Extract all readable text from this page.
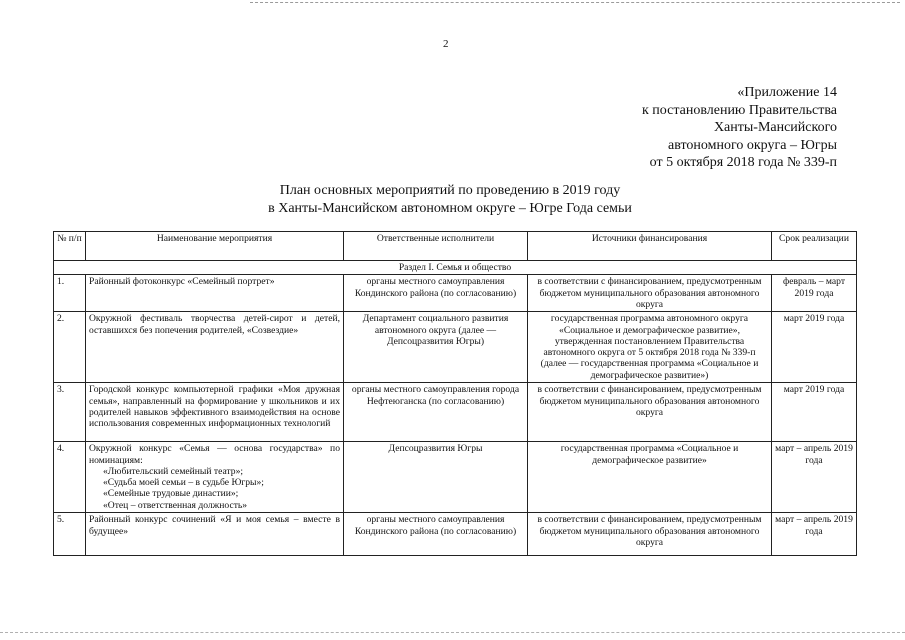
2
«Приложение 14
к постановлению Правительства
Ханты-Мансийского
автономного округа – Югры
от 5 октября 2018 года № 339-п
План основных мероприятий по проведению в 2019 году
в Ханты-Мансийском автономном округе – Югре Года семьи
№ п/п	Наименование мероприятия	Ответственные исполнители	Источники финансирования	Срок реализации
Раздел I. Семья и общество				
1.	Районный фотоконкурс «Семейный портрет»	органы местного самоуправления Кондинского района (по согласованию)	в соответствии с финансированием, предусмотренным бюджетом муниципального образования автономного округа	февраль – март 2019 года
2.	Окружной фестиваль творчества детей-сирот и детей, оставшихся без попечения родителей, «Созвездие»	Департамент социального развития автономного округа (далее — Депсоцразвития Югры)	государственная программа автономного округа «Социальное и демографическое развитие», утвержденная постановлением Правительства автономного округа от 5 октября 2018 года № 339-п (далее — государственная программа «Социальное и демографическое развитие»)	март 2019 года
3.	Городской конкурс компьютерной графики «Моя дружная семья», направленный на формирование у школьников и их родителей навыков эффективного взаимодействия на основе использования современных информационных технологий	органы местного самоуправления города Нефтеюганска (по согласованию)	в соответствии с финансированием, предусмотренным бюджетом муниципального образования автономного округа	март 2019 года
4.	Окружной конкурс «Семья — основа государства» по номинациям:
«Любительский семейный театр»;
«Судьба моей семьи – в судьбе Югры»;
«Семейные трудовые династии»;
«Отец – ответственная должность»	Депсоцразвития Югры	государственная программа «Социальное и демографическое развитие»	март – апрель 2019 года
5.	Районный конкурс сочинений «Я и моя семья – вместе в будущее»	органы местного самоуправления Кондинского района (по согласованию)	в соответствии с финансированием, предусмотренным бюджетом муниципального образования автономного округа	март – апрель 2019 года
